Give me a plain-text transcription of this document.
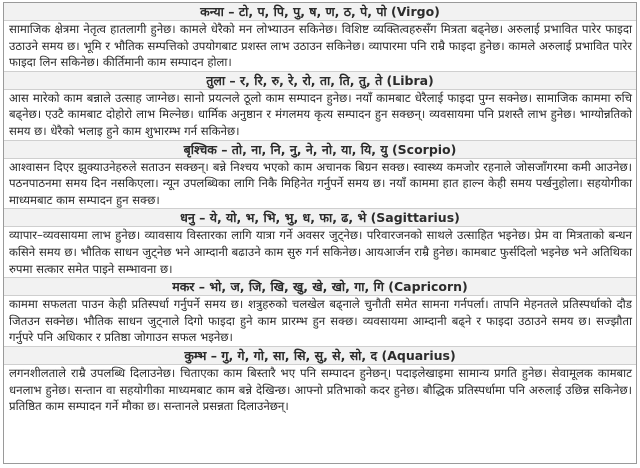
कन्या – टो, प, पि, पु, ष, ण, ठ, पे, पो (Virgo)
सामाजिक क्षेत्रमा नेतृत्व हातलागी हुनेछ। कामले धेरैको मन लोभ्याउन सकिनेछ। विशिष्ट व्यक्तित्वहरुसँग मित्रता बढ्नेछ। अरुलाई प्रभावित पारेर फाइदा उठाउने समय छ। भूमि र भौतिक सम्पत्तिको उपयोगबाट प्रशस्त लाभ उठाउन सकिनेछ। व्यापारमा पनि राम्रै फाइदा हुनेछ। कामले अरुलाई प्रभावित पारेर फाइदा लिन सकिनेछ। कीर्तिमानी काम सम्पादन होला।
तुला – र, रि, रु, रे, रो, ता, ति, तु, ते (Libra)
आस मारेको काम बन्नाले उत्साह जाग्नेछ। सानो प्रयत्नले ठूलो काम सम्पादन हुनेछ। नयाँ कामबाट धेरैलाई फाइदा पुग्न सक्नेछ। सामाजिक काममा रुचि बढ्नेछ। एउटै कामबाट दोहोरो लाभ मिल्नेछ। धार्मिक अनुष्ठान र मंगलमय कृत्य सम्पादन हुन सक्छन्। व्यवसायमा पनि प्रशस्तै लाभ हुनेछ। भाग्योन्नतिको समय छ। धेरैको भलाइ हुने काम शुभारम्भ गर्न सकिनेछ।
बृश्चिक – तो, ना, नि, नु, ने, नो, या, यि, यु (Scorpio)
आश्वासन दिएर झुक्याउनेहरुले सताउन सक्छन्। बन्ने निश्चय भएको काम अचानक बिग्रन सक्छ। स्वास्थ्य कमजोर रहनाले जोसजाँगरमा कमी आउनेछ। पठनपाठनमा समय दिन नसकिएला। न्यून उपलब्धिका लागि निकै मिहिनेत गर्नुपर्ने समय छ। नयाँ काममा हात हाल्न केही समय पर्खनुहोला। सहयोगीका माध्यमबाट काम सम्पादन हुन सक्छ।
धनु – ये, यो, भ, भि, भु, ध, फा, ढ, भे (Sagittarius)
व्यापार–व्यवसायमा लाभ हुनेछ। व्यावसाय विस्तारका लागि यात्रा गर्ने अवसर जुट्नेछ। परिवारजनको साथले उत्साहित भइनेछ। प्रेम वा मित्रताको बन्धन कसिने समय छ। भौतिक साधन जुट्नेछ भने आम्दानी बढाउने काम सुरु गर्न सकिनेछ। आयआर्जन राम्रै हुनेछ। कामबाट फुर्सदिलो भइनेछ भने अतिथिका रुपमा सत्कार समेत पाइने सम्भावना छ।
मकर – भो, ज, जि, खि, खु, खे, खो, गा, गि (Capricorn)
काममा सफलता पाउन केही प्रतिस्पर्धा गर्नुपर्ने समय छ। शत्रुहरुको चलखेल बढ्नाले चुनौती समेत सामना गर्नपर्ला। तापनि मेहनतले प्रतिस्पर्धाको दौड जितउन सक्नेछ। भौतिक साधन जुट्नाले दिगो फाइदा हुने काम प्रारम्भ हुन सक्छ। व्यवसायमा आम्दानी बढ्ने र फाइदा उठाउने समय छ। सज्झौता गर्नुपरे पनि अधिकार र प्रतिष्ठा जोगाउन सफल भइनेछ।
कुम्भ – गु, गे, गो, सा, सि, सु, से, सो, द (Aquarius)
लगनशीलताले राम्रै उपलब्धि दिलाउनेछ। चिताएका काम बिस्तारै भए पनि सम्पादन हुनेछन्। पदाइलेखाइमा सामान्य प्रगति हुनेछ। सेवामूलक कामबाट धनलाभ हुनेछ। सन्तान वा सहयोगीका माध्यमबाट काम बन्ने देखिन्छ। आफ्नो प्रतिभाको कदर हुनेछ। बौद्धिक प्रतिस्पर्धामा पनि अरुलाई उछिन्न सकिनेछ। प्रतिष्ठित काम सम्पादन गर्ने मौका छ। सन्तानले प्रसन्नता दिलाउनेछन्।
